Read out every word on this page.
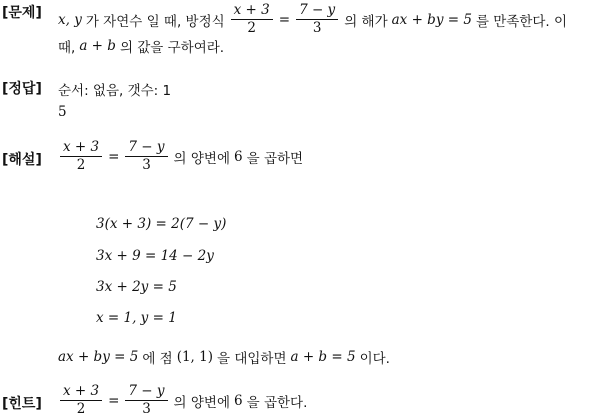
[문제] x, y 가 자연수 일 때, 방정식 $\frac{x + 3}{2} = \frac{7 - y}{3}$ 의 해가 ax + by = 5 를 만족한다. 이
때, a + b 의 값을 구하여라.
[정답] 순서: 없음, 갯수: 1
5
[해설] $\frac{x + 3}{2} = \frac{7 - y}{3}$ 의 양변에 6 을 곱하면
3(x + 3) = 2(7 − y)
3x + 9 = 14 − 2y
3x + 2y = 5
x = 1, y = 1
ax + by = 5 에 점 (1, 1) 을 대입하면 a + b = 5 이다.
[힌트] $\frac{x + 3}{2} = \frac{7 - y}{3}$ 의 양변에 6 을 곱한다.
